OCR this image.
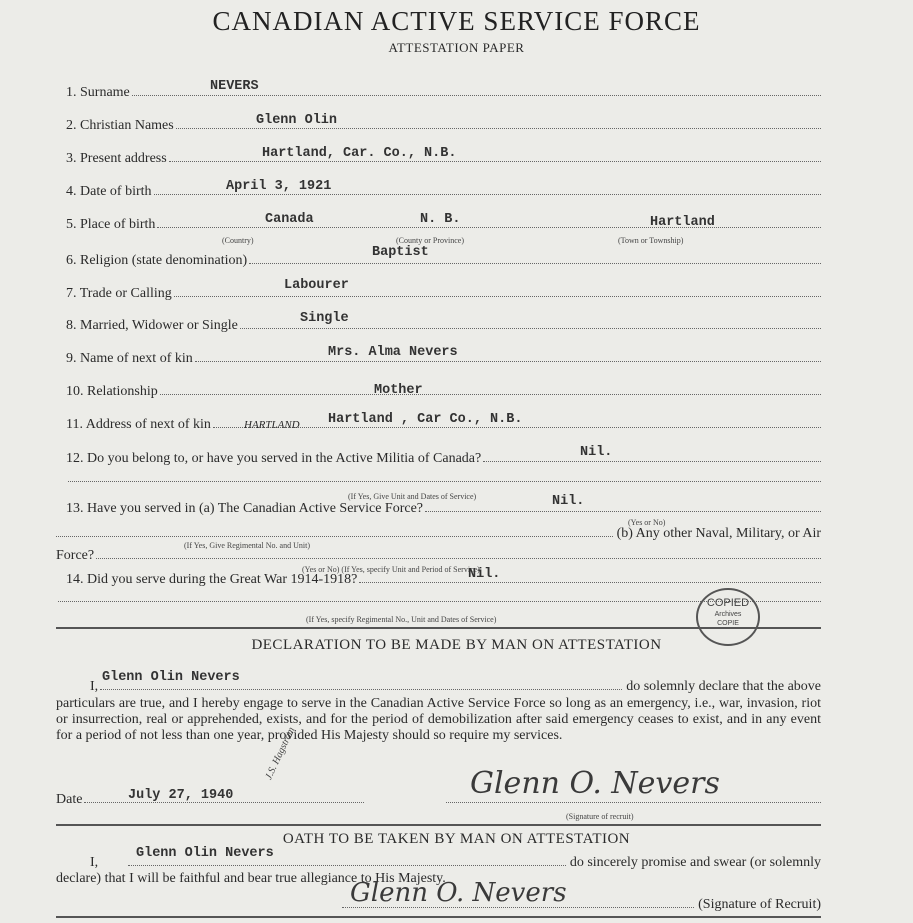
CANADIAN ACTIVE SERVICE FORCE
ATTESTATION PAPER
1. Surname	NEVERS
2. Christian Names	Glenn Olin
3. Present address	Hartland, Car. Co., N.B.
4. Date of birth	April 3, 1921
5. Place of birth	Canada	N. B.	Hartland
(Country)	(County or Province)	(Town or Township)
6. Religion (state denomination)
Baptist
7. Trade or Calling
Labourer
8. Married, Widower or Single	Single
9. Name of next of kin	Mrs. Alma Nevers
10. Relationship	Mother
11. Address of next of kin	HARTLAND Hartland , Car Co., N.B.
12. Do you belong to, or have you served in the Active Militia of Canada?	Nil.
(If Yes, Give Unit and Dates of Service)
13. Have you served in (a) The Canadian Active Service Force?	Nil.
(Yes or No)
(b) Any other Naval, Military, or Air
(If Yes, Give Regimental No. and Unit)
Force?
(Yes or No) (If Yes, specify Unit and Period of Service)
14. Did you serve during the Great War 1914-1918?	Nil.
(If Yes, specify Regimental No., Unit and Dates of Service)
COPIED
Archives
COPIE
DECLARATION TO BE MADE BY MAN ON ATTESTATION
I,	do solemnly declare that the above
Glenn Olin Nevers
particulars are true, and I hereby engage to serve in the Canadian Active Service Force so long as an emergency, i.e., war, invasion, riot or insurrection, real or apprehended, exists, and for the period of demobilization after said emergency ceases to exist, and in any event for a period of not less than one year, provided His Majesty should so require my services.
Date	July 27, 1940
J.S. Hagstrom
Glenn O. Nevers
(Signature of recruit)
OATH TO BE TAKEN BY MAN ON ATTESTATION
I,	do sincerely promise and swear (or solemnly
Glenn Olin Nevers
declare) that I will be faithful and bear true allegiance to His Majesty.
(Signature of Recruit)
Glenn O. Nevers
